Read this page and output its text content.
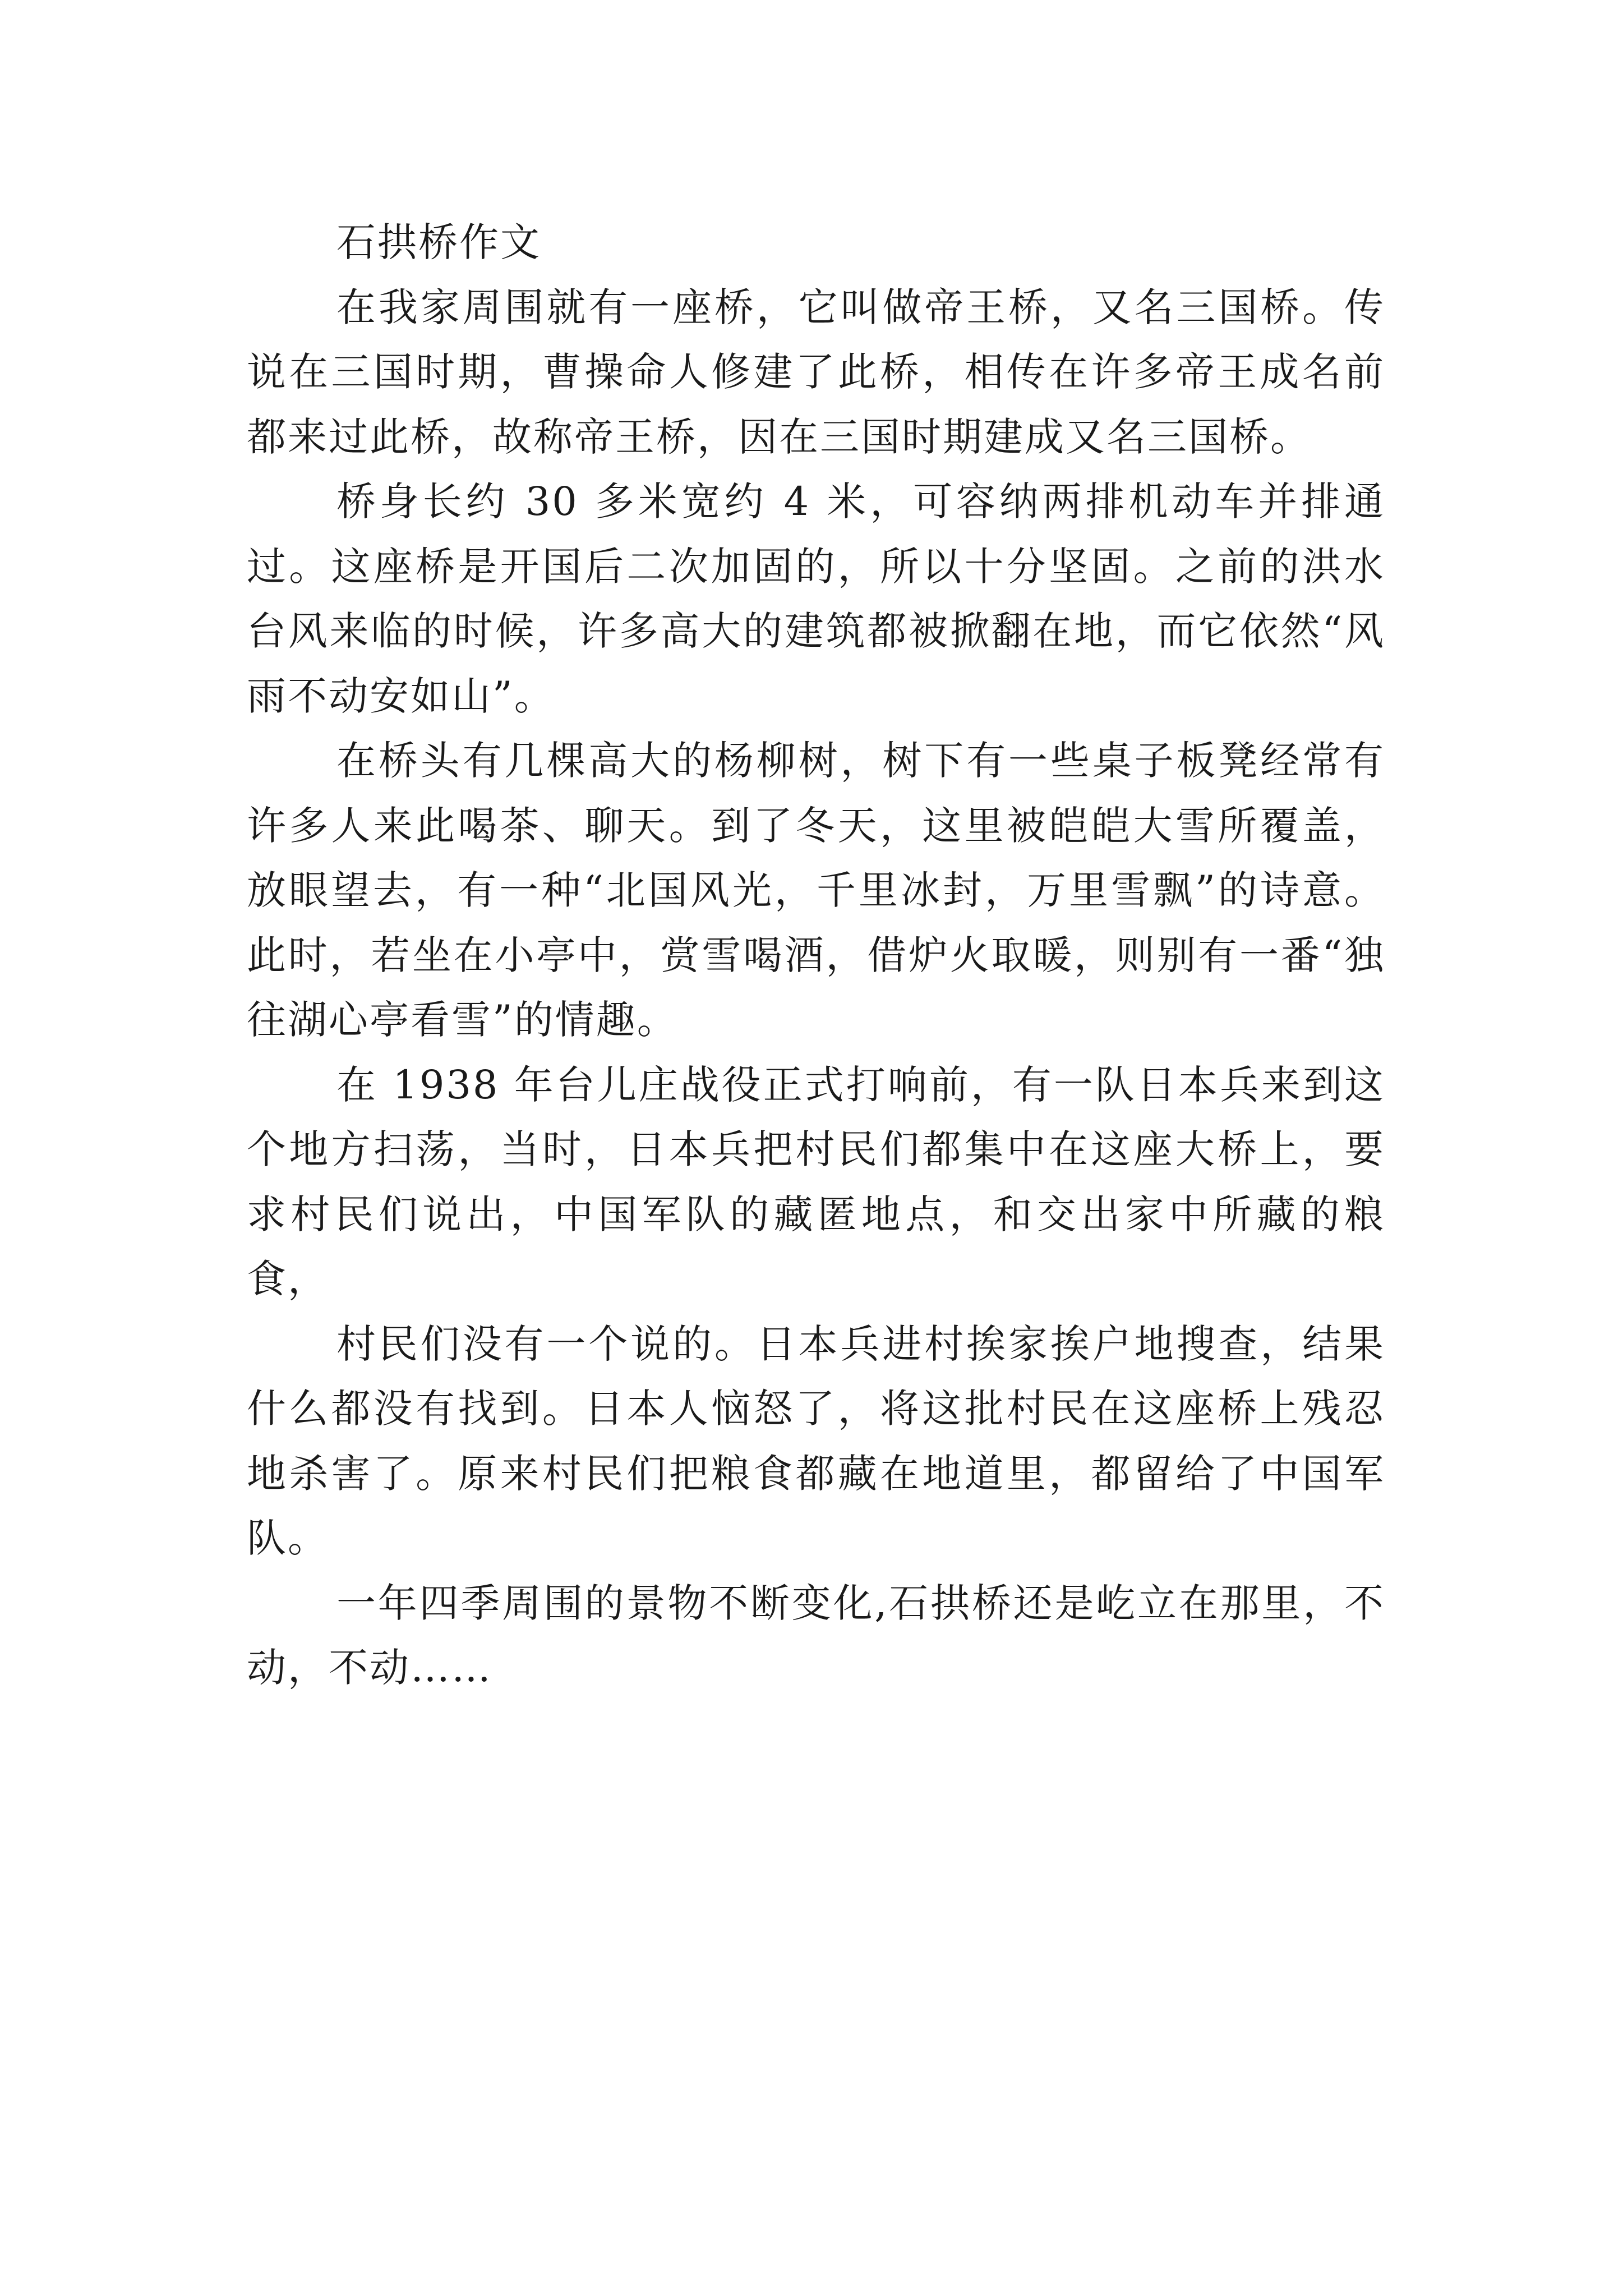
石拱桥作文

在我家周围就有一座桥，它叫做帝王桥，又名三国桥。传说在三国时期，曹操命人修建了此桥，相传在许多帝王成名前都来过此桥，故称帝王桥，因在三国时期建成又名三国桥。

桥身长约 30 多米宽约 4 米，可容纳两排机动车并排通过。这座桥是开国后二次加固的，所以十分坚固。之前的洪水台风来临的时候，许多高大的建筑都被掀翻在地，而它依然“风雨不动安如山”。

在桥头有几棵高大的杨柳树，树下有一些桌子板凳经常有许多人来此喝茶、聊天。到了冬天，这里被皑皑大雪所覆盖，放眼望去，有一种“北国风光，千里冰封，万里雪飘”的诗意。此时，若坐在小亭中，赏雪喝酒，借炉火取暖，则别有一番“独往湖心亭看雪”的情趣。

在 1938 年台儿庄战役正式打响前，有一队日本兵来到这个地方扫荡，当时，日本兵把村民们都集中在这座大桥上，要求村民们说出，中国军队的藏匿地点，和交出家中所藏的粮食，

村民们没有一个说的。日本兵进村挨家挨户地搜查，结果什么都没有找到。日本人恼怒了，将这批村民在这座桥上残忍地杀害了。原来村民们把粮食都藏在地道里，都留给了中国军队。

一年四季周围的景物不断变化,石拱桥还是屹立在那里，不动，不动……
